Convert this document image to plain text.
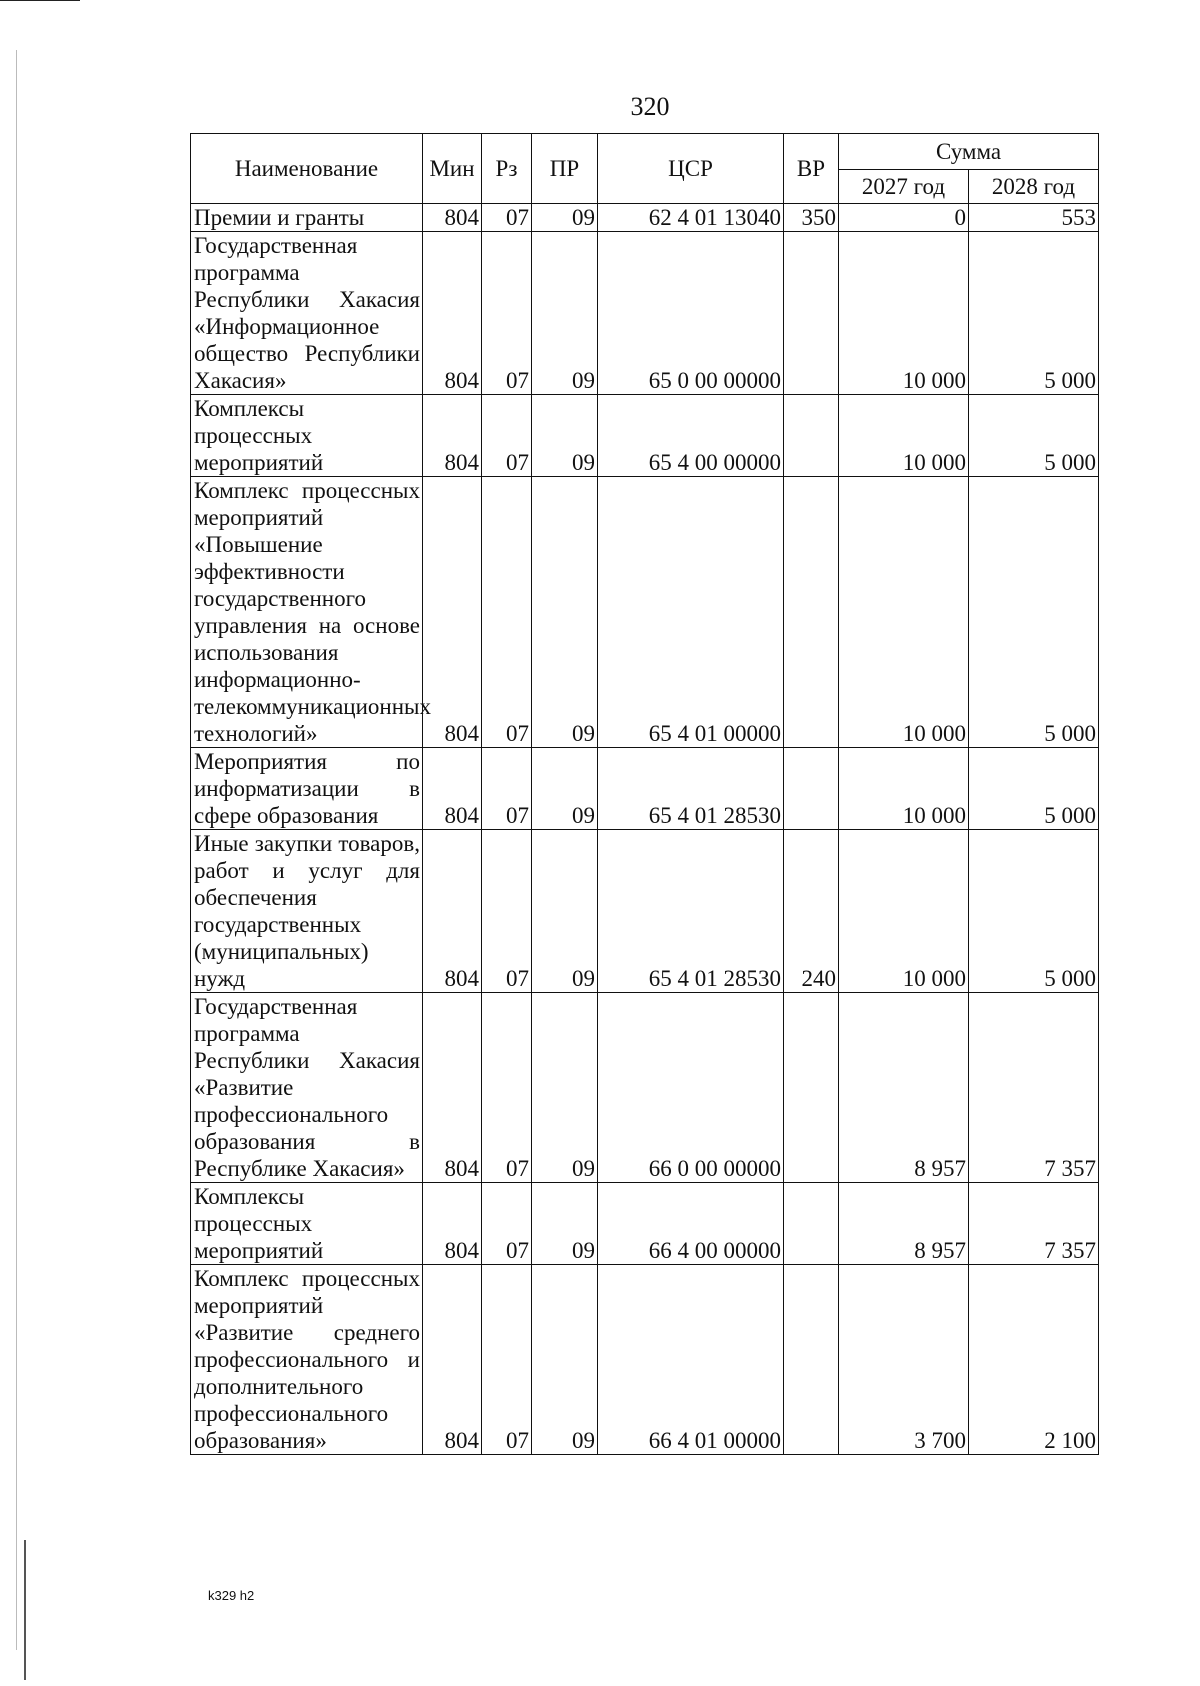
320
Наименование	Мин	Рз	ПР	ЦСР	ВР	Сумма	
						2027 год	2028 год
Премии и гранты	804	07	09	62 4 01 13040	350	0	553
Государственная программа Республики Хакасия «Информационное общество Республики Хакасия»	804	07	09	65 0 00 00000		10 000	5 000
Комплексы процессных мероприятий	804	07	09	65 4 00 00000		10 000	5 000
Комплекс процессных мероприятий «Повышение эффективности государственного управления на основе использования информационно-телекоммуникационных технологий»	804	07	09	65 4 01 00000		10 000	5 000
Мероприятия по информатизации в сфере образования	804	07	09	65 4 01 28530		10 000	5 000
Иные закупки товаров, работ и услуг для обеспечения государственных (муниципальных) нужд	804	07	09	65 4 01 28530	240	10 000	5 000
Государственная программа Республики Хакасия «Развитие профессионального образования в Республике Хакасия»	804	07	09	66 0 00 00000		8 957	7 357
Комплексы процессных мероприятий	804	07	09	66 4 00 00000		8 957	7 357
Комплекс процессных мероприятий «Развитие среднего профессионального и дополнительного профессионального образования»	804	07	09	66 4 01 00000		3 700	2 100
k329 h2
